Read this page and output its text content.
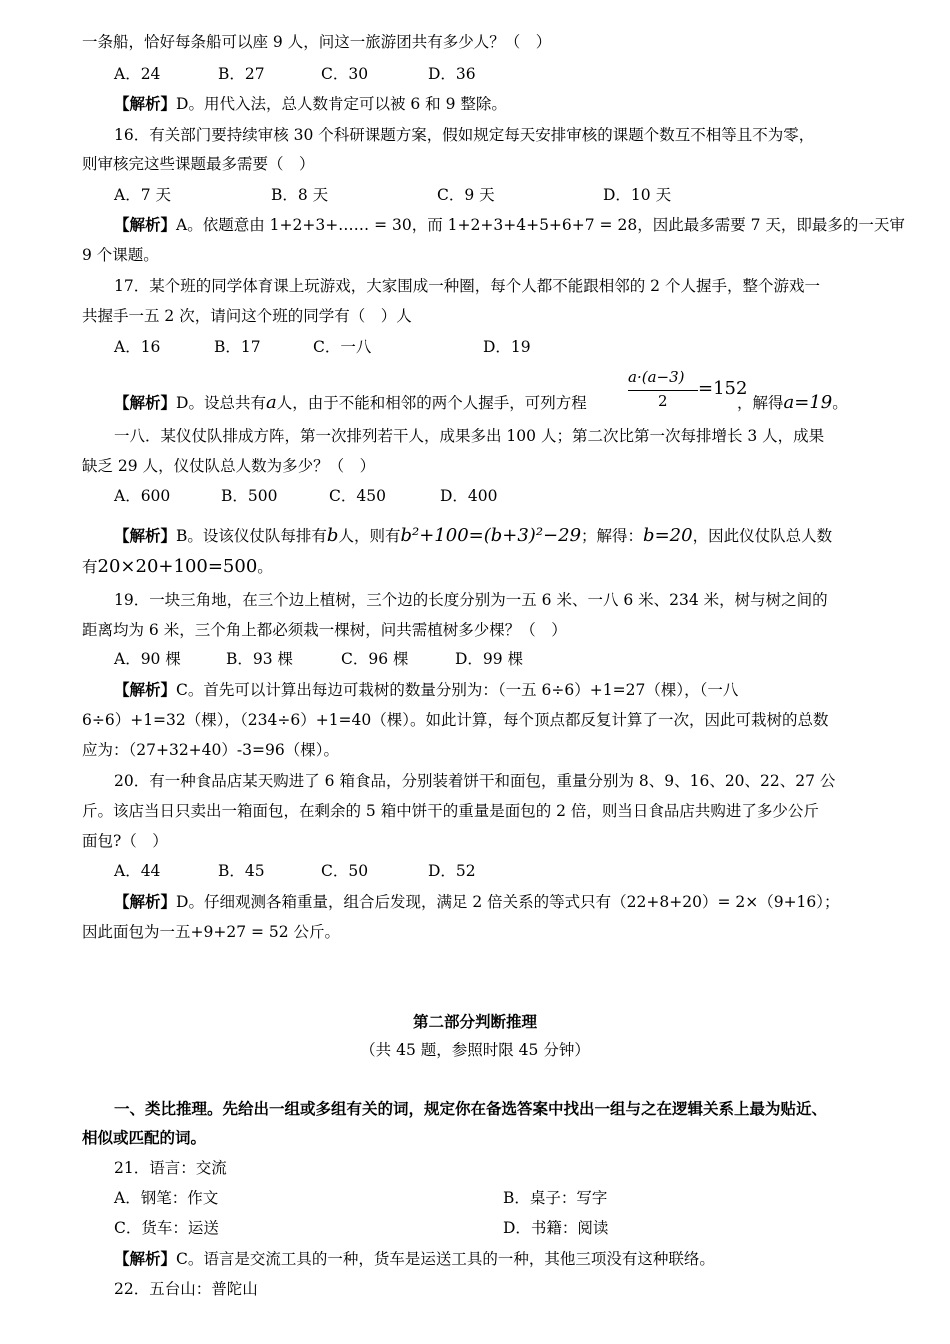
一条船，恰好每条船可以座 9 人，问这一旅游团共有多少人？（　）
A．24	B．27	C．30	D．36
【解析】D。用代入法，总人数肯定可以被 6 和 9 整除。
16．有关部门要持续审核 30 个科研课题方案，假如规定每天安排审核的课题个数互不相等且不为零，
则审核完这些课题最多需要（　）
A．7 天	B．8 天	C．9 天	D．10 天
【解析】A。依题意由 1+2+3+…… = 30，而 1+2+3+4+5+6+7 = 28，因此最多需要 7 天，即最多的一天审
9 个课题。
17．某个班的同学体育课上玩游戏，大家围成一种圈，每个人都不能跟相邻的 2 个人握手，整个游戏一
共握手一五 2 次，请问这个班的同学有（　）人
A．16	B．17	C．一八	D．19
【解析】D。设总共有a人，由于不能和相邻的两个人握手，可列方程
a·(a−3)
2
=152
，解得a=19。
一八．某仪仗队排成方阵，第一次排列若干人，成果多出 100 人；第二次比第一次每排增长 3 人，成果
缺乏 29 人，仪仗队总人数为多少？（　）
A．600	B．500	C．450	D．400
【解析】B。设该仪仗队每排有b人，则有b²+100=(b+3)²−29；解得：b=20，因此仪仗队总人数
有20×20+100=500。
19．一块三角地，在三个边上植树，三个边的长度分别为一五 6 米、一八 6 米、234 米，树与树之间的
距离均为 6 米，三个角上都必须栽一棵树，问共需植树多少棵？（　）
A．90 棵	B．93 棵	C．96 棵	D．99 棵
【解析】C。首先可以计算出每边可栽树的数量分别为：（一五 6÷6）+1=27（棵），（一八
6÷6）+1=32（棵），（234÷6）+1=40（棵）。如此计算，每个顶点都反复计算了一次，因此可栽树的总数
应为：（27+32+40）-3=96（棵）。
20．有一种食品店某天购进了 6 箱食品，分别装着饼干和面包，重量分别为 8、9、16、20、22、27 公
斤。该店当日只卖出一箱面包，在剩余的 5 箱中饼干的重量是面包的 2 倍，则当日食品店共购进了多少公斤
面包?（　）
A．44	B．45	C．50	D．52
【解析】D。仔细观测各箱重量，组合后发现，满足 2 倍关系的等式只有（22+8+20）= 2×（9+16）；
因此面包为一五+9+27 = 52 公斤。
第二部分判断推理
（共 45 题，参照时限 45 分钟）
一、类比推理。先给出一组或多组有关的词，规定你在备选答案中找出一组与之在逻辑关系上最为贴近、
相似或匹配的词。
21．语言：交流
A．钢笔：作文	B．桌子：写字
C．货车：运送	D．书籍：阅读
【解析】C。语言是交流工具的一种，货车是运送工具的一种，其他三项没有这种联络。
22．五台山：普陀山
